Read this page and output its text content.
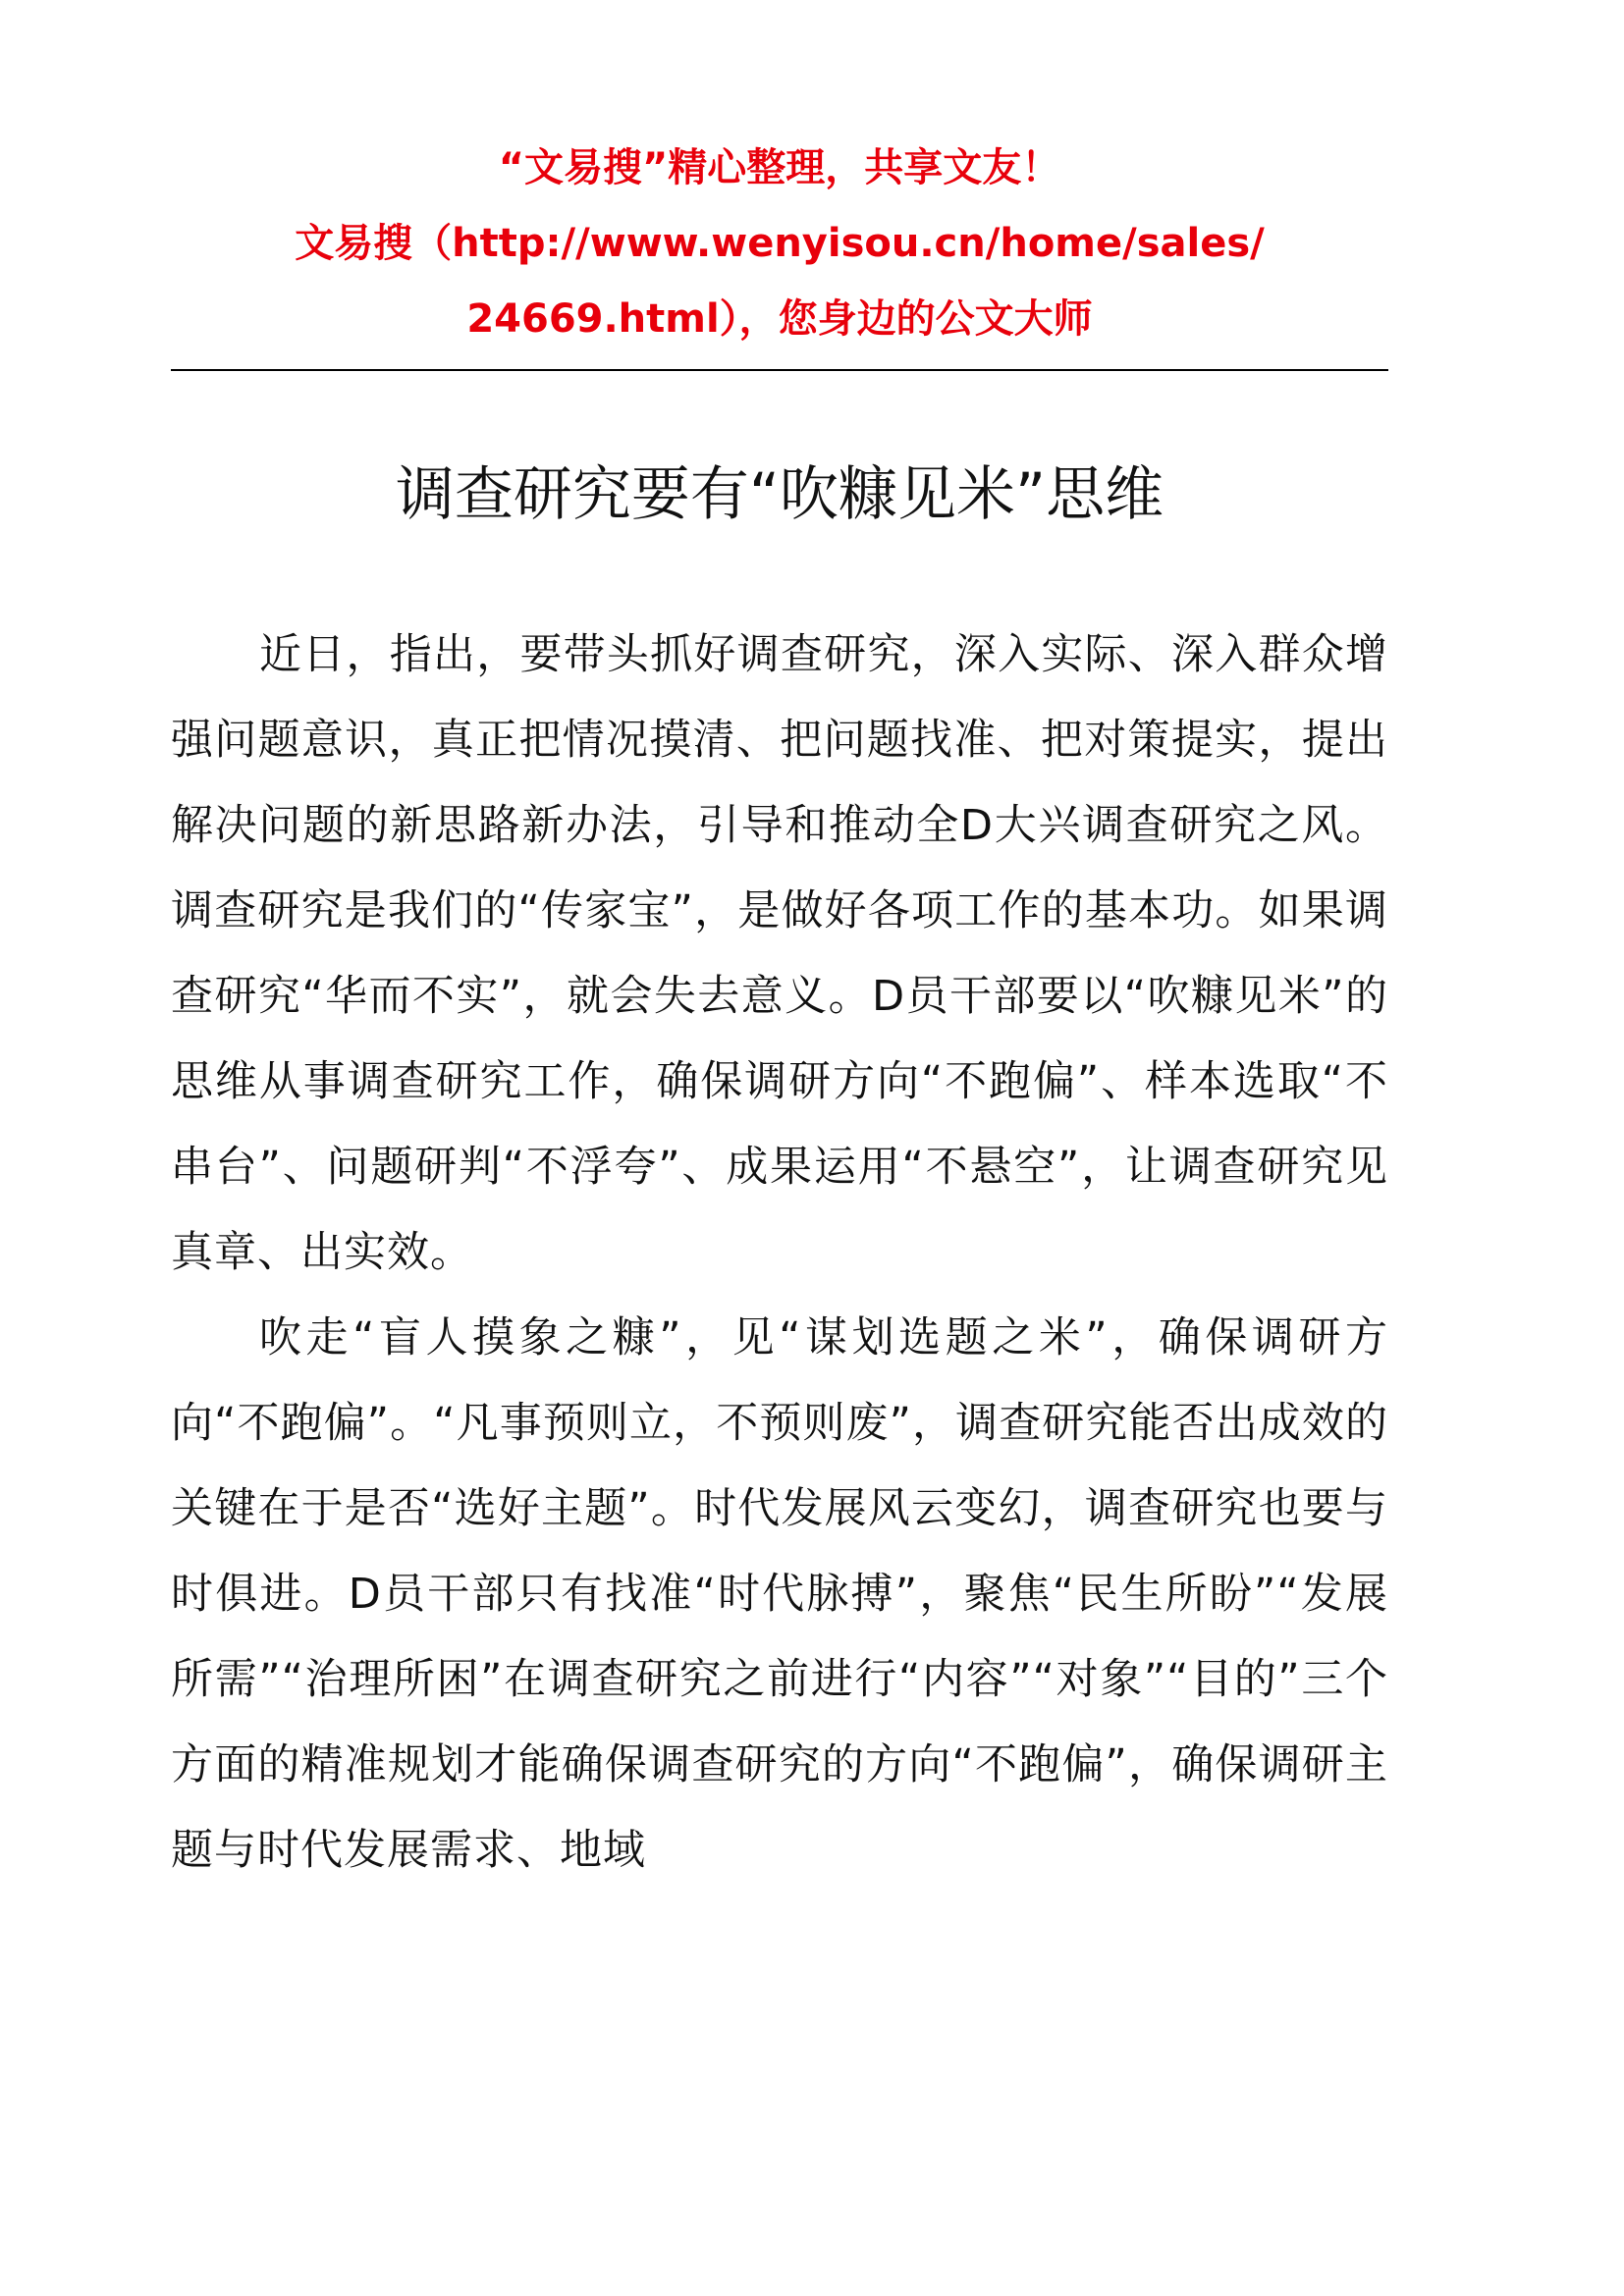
“文易搜”精心整理，共享文友！
文易搜（http://www.wenyisou.cn/home/sales/
24669.html），您身边的公文大师
调查研究要有“吹糠见米”思维

近日，指出，要带头抓好调查研究，深入实际、深入群众增强问题意识，真正把情况摸清、把问题找准、把对策提实，提出解决问题的新思路新办法，引导和推动全D大兴调查研究之风。调查研究是我们的“传家宝”，是做好各项工作的基本功。如果调查研究“华而不实”，就会失去意义。D员干部要以“吹糠见米”的思维从事调查研究工作，确保调研方向“不跑偏”、样本选取“不串台”、问题研判“不浮夸”、成果运用“不悬空”，让调查研究见真章、出实效。

吹走“盲人摸象之糠”，见“谋划选题之米”，确保调研方向“不跑偏”。“凡事预则立，不预则废”，调查研究能否出成效的关键在于是否“选好主题”。时代发展风云变幻，调查研究也要与时俱进。D员干部只有找准“时代脉搏”，聚焦“民生所盼”“发展所需”“治理所困”在调查研究之前进行“内容”“对象”“目的”三个方面的精准规划才能确保调查研究的方向“不跑偏”，确保调研主题与时代发展需求、地域
